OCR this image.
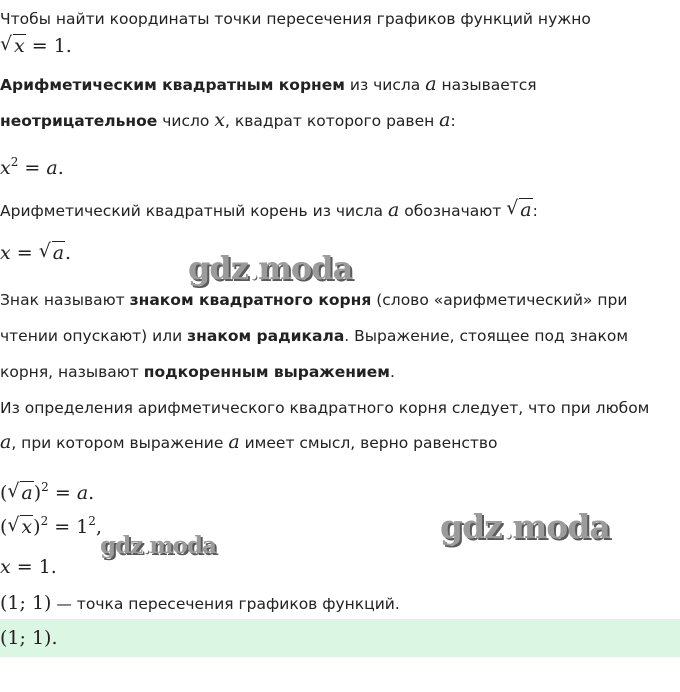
Чтобы найти координаты точки пересечения графиков функций нужно
√ x = 1.
Арифметическим квадратным корнем из числа a называется
неотрицательное число x, квадрат которого равен a:
$x^2 = a$.
Арифметический квадратный корень из числа a обозначают √ a:
x = √ a.
Знак называют знаком квадратного корня (слово «арифметический» при
чтении опускают) или знаком радикала. Выражение, стоящее под знаком
корня, называют подкоренным выражением.
Из определения арифметического квадратного корня следует, что при любом
a, при котором выражение a имеет смысл, верно равенство
( √ a)$^2$ = a.
( √ $x)^2 = 1^2$,
x = 1.
(1; 1) — точка пересечения графиков функций.
(1; 1).
gdz.moda
gdz.moda
gdz.moda
